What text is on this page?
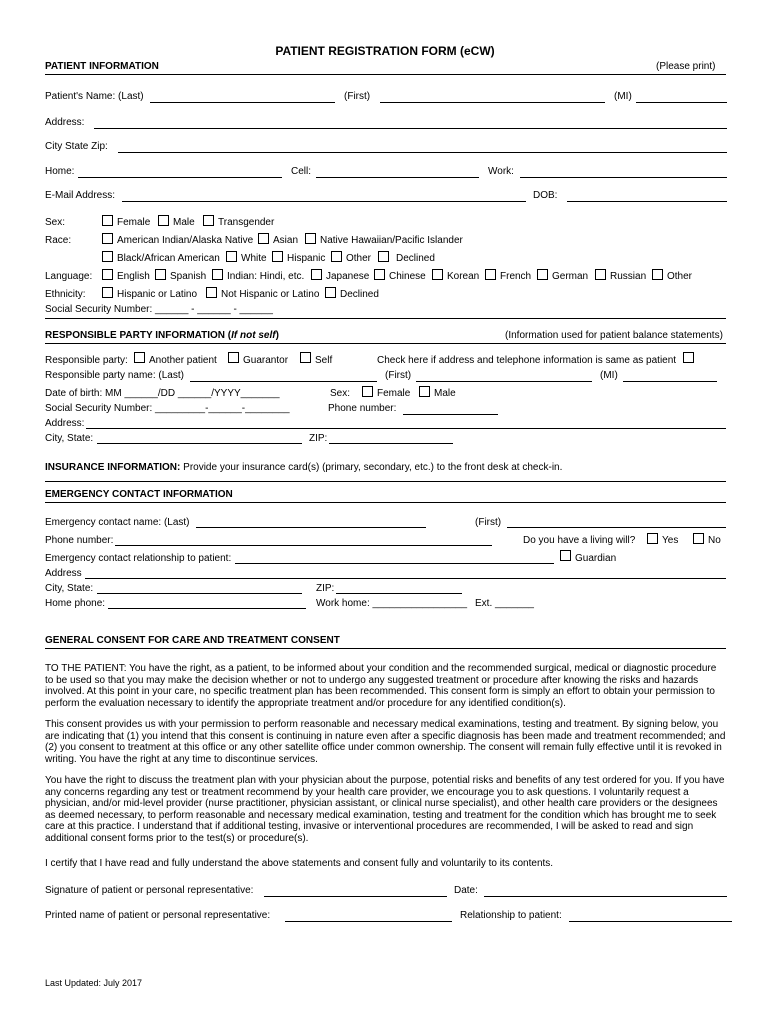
PATIENT REGISTRATION FORM (eCW)
PATIENT INFORMATION	(Please print)
Patient's Name: (Last)	(First)	(MI)
Address:
City State Zip:
Home:	Cell:	Work:
E-Mail Address:	DOB:
Sex:	Female Male Transgender
Race:	American Indian/Alaska Native Asian Native Hawaiian/Pacific Islander
Black/African American White Hispanic Other Declined
Language: English Spanish Indian: Hindi, etc. Japanese Chinese Korean French German Russian Other
Ethnicity:	Hispanic or Latino Not Hispanic or Latino Declined
Social Security Number: ______ - ______ - ______
RESPONSIBLE PARTY INFORMATION (If not self)	(Information used for patient balance statements)
Responsible party: Another patient	Guarantor	Self	Check here if address and telephone information is same as patient
Responsible party name: (Last)	(First)	(MI)
Date of birth: MM ______/DD ______/YYYY_______	Sex:	Female Male
Social Security Number: _________-______-________	Phone number:
Address:
City, State:	ZIP:
INSURANCE INFORMATION: Provide your insurance card(s) (primary, secondary, etc.) to the front desk at check-in.
EMERGENCY CONTACT INFORMATION
Emergency contact name: (Last)	(First)
Phone number:	Do you have a living will?	Yes	No
Emergency contact relationship to patient:	Guardian
Address
City, State:	ZIP:
Home phone:	Work home: _________________ Ext. _______
GENERAL CONSENT FOR CARE AND TREATMENT CONSENT
TO THE PATIENT: You have the right, as a patient, to be informed about your condition and the recommended surgical, medical or diagnostic procedure to be used so that you may make the decision whether or not to undergo any suggested treatment or procedure after knowing the risks and hazards involved. At this point in your care, no specific treatment plan has been recommended. This consent form is simply an effort to obtain your permission to perform the evaluation necessary to identify the appropriate treatment and/or procedure for any identified condition(s).
This consent provides us with your permission to perform reasonable and necessary medical examinations, testing and treatment. By signing below, you are indicating that (1) you intend that this consent is continuing in nature even after a specific diagnosis has been made and treatment recommended; and (2) you consent to treatment at this office or any other satellite office under common ownership. The consent will remain fully effective until it is revoked in writing. You have the right at any time to discontinue services.
You have the right to discuss the treatment plan with your physician about the purpose, potential risks and benefits of any test ordered for you. If you have any concerns regarding any test or treatment recommend by your health care provider, we encourage you to ask questions. I voluntarily request a physician, and/or mid-level provider (nurse practitioner, physician assistant, or clinical nurse specialist), and other health care providers or the designees as deemed necessary, to perform reasonable and necessary medical examination, testing and treatment for the condition which has brought me to seek care at this practice. I understand that if additional testing, invasive or interventional procedures are recommended, I will be asked to read and sign additional consent forms prior to the test(s) or procedure(s).
I certify that I have read and fully understand the above statements and consent fully and voluntarily to its contents.
Signature of patient or personal representative:	Date:
Printed name of patient or personal representative:	Relationship to patient:
Last Updated: July 2017
